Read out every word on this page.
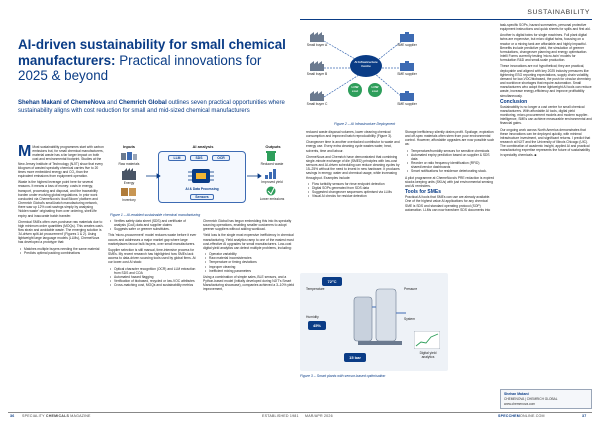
SUSTAINABILITY
AI-driven sustainability for small chemical manufacturers: Practical innovations for 2025 & beyond
Shehan Makani of ChemeNova and Chemrich Global outlines seven practical opportunities where sustainability aligns with cost reduction for small and mid-sized chemical manufacturers
Inputs	AI analysis	Outputs
Raw materials
Energy
Inventory
LLM	SDS	OCR
AI & Data Processing
Sensors
Reduced waste
Improved yield
Lower emissions
Figure 1 – AI-enabled sustainable chemical manufacturing
Small buyer A
Small buyer B
Small buyer C
AI Infrastructure
Centre
LOW
cost
LOW
cost
SME supplier
SME supplier
SME supplier
Figure 2 – AI Infrastructure Deployment
Temperature
72°C
Humidity
45%
Pressure
15 bar
System
Digital yield
analytics
Figure 3 – Smart plants with sensor-based optimisation

M Most sustainability programmes start with carbon emissions but, for small chemical manufacturers, material waste has a far larger impact on both cost and environmental footprint. Studies at the New Jersey Institute of Technology (NJIT) show that every kilogram of wasted specialty chemical carries five to 20 times more embedded energy and CO₂ than the equivalent emissions from equipment operation.

Waste is the highest leverage point here for several reasons. It means a loss of money: costs in energy, transport, processing and disposal, and the traceability burden under evolving global regulations. In prior work conducted via ChemeNova's 'dual Bloom' platform and Chemrich Global's small-batch manufacturing network, there saw up 12% cost savings simply by analysing 'hidden waste' originating from over ordering, shelf-life expiry and inaccurate batch transfer.

Chemical SMEs often over-purchase raw materials due to high minimum order quantities (MOQs). This creates cash-flow strain and avoidable waste. The emerging solution is 'AI-driven split-lot procurement' (Figures 1 & 2). Using lightweight large language models (LLMs), ChemeNova has developed a prototype that:

• Matches multiple buyers needing the same material
• Predicts optimal packing combinations
• Verifies safety data sheet (SDS) and certificate of analysis (CoA) data and supplier claims
• Suggests safer or greener substitutes.

This 'micro-procurement' model reduces waste before it ever occurs and addresses a major market gap where large marketplaces favour bulk buyers, over small manufacturers.

Supplier selection is still manual, time-intensive process for SMEs. My recent research has highlighted how SMEs lack access to data-driven sourcing tools used by global firms. At our lower-cost AI stack:

• Optical character recognition (OCR) and LLM extraction from SDS and COA
• Automated hazard flagging
• Verification of biobased, recycled or low-VOC attributes
• Cross-matching cost, MOQs and sustainability metrics

Chemrich Global has begun embedding this into its specialty sourcing operations, enabling smaller customers to adopt greener suppliers without adding workload.

Yield loss is the single most expensive inefficiency in chemical manufacturing. Yield analytics ramp to one of the easiest most cost-effective AI upgrades for small manufacturers. Low-cost digital yield analytics can detect multiple problems, including:

• Operator variability
• Raw material inconsistencies
• Temperature or timing deviations
• Improper cleaning
• Inefficient mixing parameters

Using a combination of simple sales, BLE sensors, and a Python-based model (initially developed during NJIT's Smart Manufacturing showcase), companies achieved a 3–10% yield improvement,

reduced waste disposal volumes, lower cleaning chemical consumption and improved batch reproducibility (Figure 3).

Changeover time is another overlooked contributor to waste and energy use. Every extra cleaning cycle wastes water, heat, solvents, time and labour.

ChemeNova and Chemrich have demonstrated that combining single-minute exchange of die (SMED) principles with low-cost sensors and AI-driven scheduling can reduce cleaning cycles by 15–25% without the need to invest in new hardware. It produces savings in energy, water and chemical usage, while increasing throughput. Examples include:

• Flow turbidity sensors for rinse endpoint detection
• Digital SOPs generated from SDS data
• Suggested changeover sequences optimised via LLMs
• Visual AI checks for residue detection

Storage inefficiency silently drains profit. Spoilage, expiration and off-spec materials often stem from poor environmental control. However, affordable upgrades are now possible such as:

• Temperature/humidity sensors for sensitive chemicals
• Automated expiry prediction based on supplier & SDS data
• Reorder or ratio frequency identification (RFID) shared/vendor dashboards
• Smart notifications for residence deteriorating stock.

A pilot programme at ChemeNova's PRE redaction is expired stocks keeping units (SKUs) with just environmental sensing and AI reminders.

Tools for SMEs

Practical AI tools that SMEs can use are already available. One of the highest value AI applications for any chemical SME is SDS and standard operating protocol (SOP) automation. LLMs can now transform SDS documents into

task-specific SOPs, hazard summaries, personal protective equipment instructions and quick sheets for spills and first aid.

Another is digital twins for single machines. Full plant digital twins are expensive, but micro digital twins, focusing on a reactor or a mixing tank are affordable and highly impactful. Benefits include predictive yield, the simulation of greener formulations, changeover planning and energy optimisation. Intelli Forms currently testing 'micro-twin' models for formulation R&D and small-scale production.

These innovations are not hypothetical; they are practical, deployable and aligned with key 2025 industry pressures like tightening ESG reporting expectations, supply chain volatility, demand for low-VOC/biobased, the push for circular chemistry and workforce shortages that require automation. Small manufacturers who adopt these lightweight AI tools can reduce waste, increase energy-efficiency and improve profitability simultaneously.

Conclusion

Sustainability is no longer a cost centre for small chemical manufacturers. With affordable AI tools, digital yield monitoring, micro-procurement models and modern supplier-intelligence, SMEs can achieve measurable environmental and financial gains.

Our ongoing work across North America demonstrates that these innovations can be deployed quickly, with minimal infrastructure investment, and significant returns. I predict that research at NJIT and the University of Illinois Chicago (UIC). The combination of academic insight, applied AI and practical manufacturing expertise represents the future of sustainability in speciality chemicals. ■

Shehan Makani
CHEMENOVA | CHEMRICH GLOBAL
www.chemenova.com
36 SPECIALITY CHEMICALS MAGAZINE	ESTABLISHED 1981 MAR/APR 2026	SPECCHEMONLINE.COM	37
